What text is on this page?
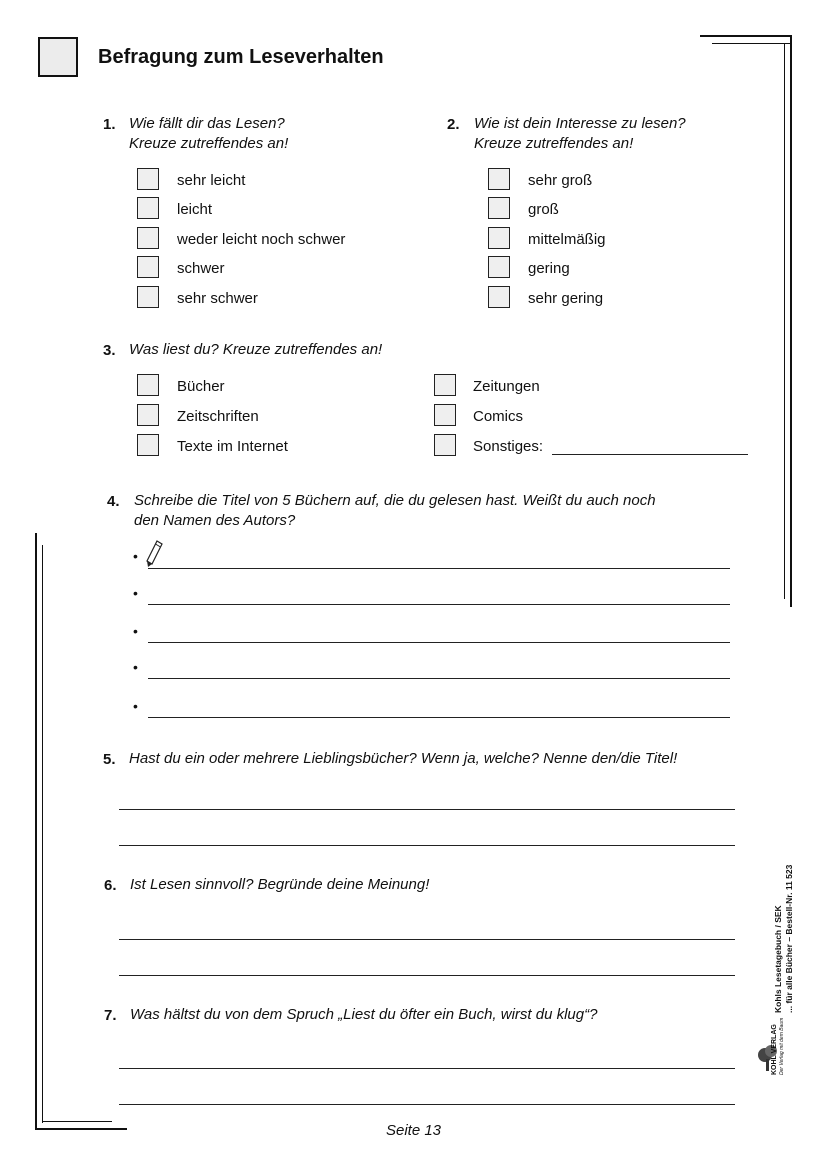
Befragung zum Leseverhalten
1. Wie fällt dir das Lesen?
Kreuze zutreffendes an!
sehr leicht
leicht
weder leicht noch schwer
schwer
sehr schwer
2. Wie ist dein Interesse zu lesen?
Kreuze zutreffendes an!
sehr groß
groß
mittelmäßig
gering
sehr gering
3. Was liest du? Kreuze zutreffendes an!
Bücher
Zeitschriften
Texte im Internet
Zeitungen
Comics
Sonstiges:
4. Schreibe die Titel von 5 Büchern auf, die du gelesen hast. Weißt du auch noch
den Namen des Autors?
•
•
•
•
•
5. Hast du ein oder mehrere Lieblingsbücher? Wenn ja, welche? Nenne den/die Titel!
6. Ist Lesen sinnvoll? Begründe deine Meinung!
7. Was hältst du von dem Spruch „Liest du öfter ein Buch, wirst du klug“?
KOHL VERLAG Der Verlag mit dem Baum
Kohls Lesetagebuch / SEK ... für alle Bücher – Bestell-Nr. 11 523
Seite 13
